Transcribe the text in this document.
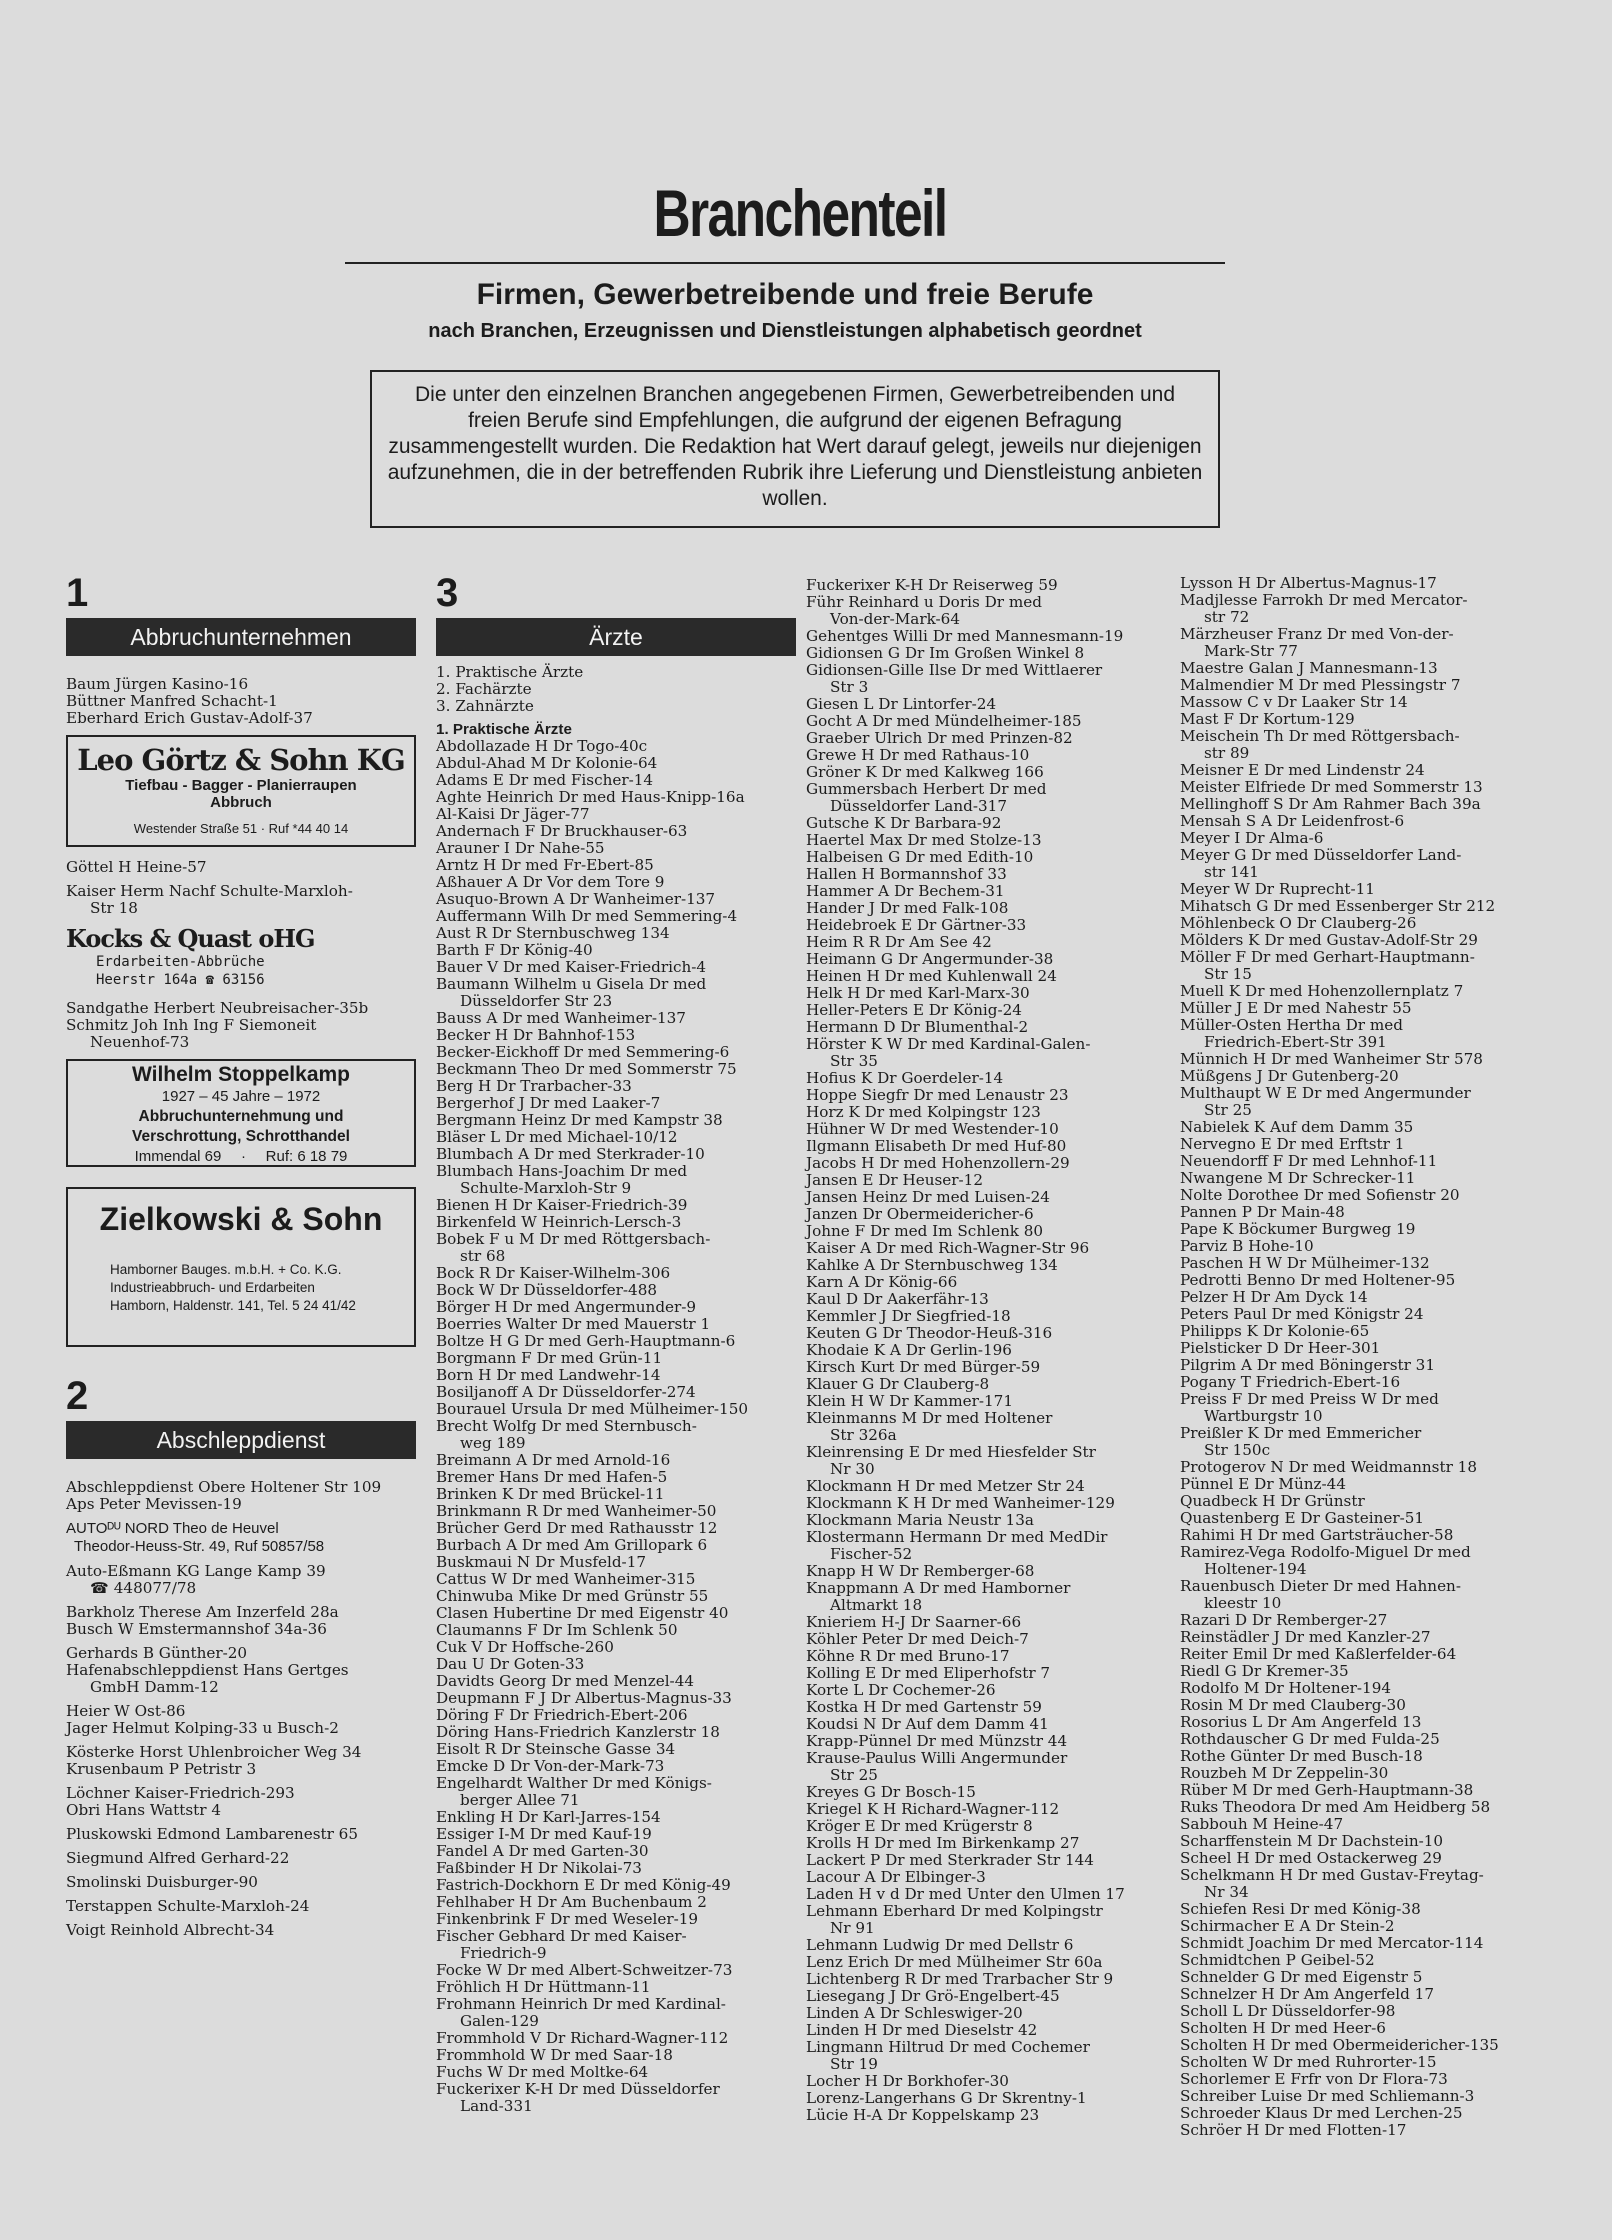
Branchenteil
Firmen, Gewerbetreibende und freie Berufe
nach Branchen, Erzeugnissen und Dienstleistungen alphabetisch geordnet
Die unter den einzelnen Branchen angegebenen Firmen, Gewerbetreibenden und freien Berufe sind Empfehlungen, die aufgrund der eigenen Befragung zusammengestellt wurden. Die Redaktion hat Wert darauf gelegt, jeweils nur diejenigen aufzunehmen, die in der betreffenden Rubrik ihre Lieferung und Dienstleistung anbieten wollen.
1
Abbruchunternehmen
Baum Jürgen Kasino-16
Büttner Manfred Schacht-1
Eberhard Erich Gustav-Adolf-37
Leo Görtz & Sohn KG
Tiefbau - Bagger - Planierraupen
Abbruch
Westender Straße 51 · Ruf *44 40 14
Göttel H Heine-57
Kaiser Herm Nachf Schulte-Marxloh-
Str 18
Kocks & Quast oHG
Erdarbeiten-Abbrüche
Heerstr 164a ☎ 63156
Sandgathe Herbert Neubreisacher-35b
Schmitz Joh Inh Ing F Siemoneit
Neuenhof-73
Wilhelm Stoppelkamp
1927 – 45 Jahre – 1972
Abbruchunternehmung und
Verschrottung, Schrotthandel
Immendal 69 · Ruf: 6 18 79
Zielkowski & Sohn
Hamborner Bauges. m.b.H. + Co. K.G.
Industrieabbruch- und Erdarbeiten
Hamborn, Haldenstr. 141, Tel. 5 24 41/42
2
Abschleppdienst
Abschleppdienst Obere Holtener Str 109
Aps Peter Mevissen-19
AUTOᴰᵁ NORD Theo de Heuvel
Theodor-Heuss-Str. 49, Ruf 50857/58
Auto-Eßmann KG Lange Kamp 39
☎ 448077/78
Barkholz Therese Am Inzerfeld 28a
Busch W Emstermannshof 34a-36
Gerhards B Günther-20
Hafenabschleppdienst Hans Gertges
GmbH Damm-12
Heier W Ost-86
Jager Helmut Kolping-33 u Busch-2
Kösterke Horst Uhlenbroicher Weg 34
Krusenbaum P Petristr 3
Löchner Kaiser-Friedrich-293
Obri Hans Wattstr 4
Pluskowski Edmond Lambarenestr 65
Siegmund Alfred Gerhard-22
Smolinski Duisburger-90
Terstappen Schulte-Marxloh-24
Voigt Reinhold Albrecht-34
3
Ärzte
1. Praktische Ärzte
2. Fachärzte
3. Zahnärzte
1. Praktische Ärzte
Abdollazade H Dr Togo-40c
Abdul-Ahad M Dr Kolonie-64
Adams E Dr med Fischer-14
Aghte Heinrich Dr med Haus-Knipp-16a
Al-Kaisi Dr Jäger-77
Andernach F Dr Bruckhauser-63
Arauner I Dr Nahe-55
Arntz H Dr med Fr-Ebert-85
Aßhauer A Dr Vor dem Tore 9
Asuquo-Brown A Dr Wanheimer-137
Auffermann Wilh Dr med Semmering-4
Aust R Dr Sternbuschweg 134
Barth F Dr König-40
Bauer V Dr med Kaiser-Friedrich-4
Baumann Wilhelm u Gisela Dr med
Düsseldorfer Str 23
Bauss A Dr med Wanheimer-137
Becker H Dr Bahnhof-153
Becker-Eickhoff Dr med Semmering-6
Beckmann Theo Dr med Sommerstr 75
Berg H Dr Trarbacher-33
Bergerhof J Dr med Laaker-7
Bergmann Heinz Dr med Kampstr 38
Bläser L Dr med Michael-10/12
Blumbach A Dr med Sterkrader-10
Blumbach Hans-Joachim Dr med
Schulte-Marxloh-Str 9
Bienen H Dr Kaiser-Friedrich-39
Birkenfeld W Heinrich-Lersch-3
Bobek F u M Dr med Röttgersbach-
str 68
Bock R Dr Kaiser-Wilhelm-306
Bock W Dr Düsseldorfer-488
Börger H Dr med Angermunder-9
Boerries Walter Dr med Mauerstr 1
Boltze H G Dr med Gerh-Hauptmann-6
Borgmann F Dr med Grün-11
Born H Dr med Landwehr-14
Bosiljanoff A Dr Düsseldorfer-274
Bourauel Ursula Dr med Mülheimer-150
Brecht Wolfg Dr med Sternbusch-
weg 189
Breimann A Dr med Arnold-16
Bremer Hans Dr med Hafen-5
Brinken K Dr med Brückel-11
Brinkmann R Dr med Wanheimer-50
Brücher Gerd Dr med Rathausstr 12
Burbach A Dr med Am Grillopark 6
Buskmaui N Dr Musfeld-17
Cattus W Dr med Wanheimer-315
Chinwuba Mike Dr med Grünstr 55
Clasen Hubertine Dr med Eigenstr 40
Claumanns F Dr Im Schlenk 50
Cuk V Dr Hoffsche-260
Dau U Dr Goten-33
Davidts Georg Dr med Menzel-44
Deupmann F J Dr Albertus-Magnus-33
Döring F Dr Friedrich-Ebert-206
Döring Hans-Friedrich Kanzlerstr 18
Eisolt R Dr Steinsche Gasse 34
Emcke D Dr Von-der-Mark-73
Engelhardt Walther Dr med Königs-
berger Allee 71
Enkling H Dr Karl-Jarres-154
Essiger I-M Dr med Kauf-19
Fandel A Dr med Garten-30
Faßbinder H Dr Nikolai-73
Fastrich-Dockhorn E Dr med König-49
Fehlhaber H Dr Am Buchenbaum 2
Finkenbrink F Dr med Weseler-19
Fischer Gebhard Dr med Kaiser-
Friedrich-9
Focke W Dr med Albert-Schweitzer-73
Fröhlich H Dr Hüttmann-11
Frohmann Heinrich Dr med Kardinal-
Galen-129
Frommhold V Dr Richard-Wagner-112
Frommhold W Dr med Saar-18
Fuchs W Dr med Moltke-64
Fuckerixer K-H Dr med Düsseldorfer
Land-331
Fuckerixer K-H Dr Reiserweg 59
Führ Reinhard u Doris Dr med
Von-der-Mark-64
Gehentges Willi Dr med Mannesmann-19
Gidionsen G Dr Im Großen Winkel 8
Gidionsen-Gille Ilse Dr med Wittlaerer
Str 3
Giesen L Dr Lintorfer-24
Gocht A Dr med Mündelheimer-185
Graeber Ulrich Dr med Prinzen-82
Grewe H Dr med Rathaus-10
Gröner K Dr med Kalkweg 166
Gummersbach Herbert Dr med
Düsseldorfer Land-317
Gutsche K Dr Barbara-92
Haertel Max Dr med Stolze-13
Halbeisen G Dr med Edith-10
Hallen H Bormannshof 33
Hammer A Dr Bechem-31
Hander J Dr med Falk-108
Heidebroek E Dr Gärtner-33
Heim R R Dr Am See 42
Heimann G Dr Angermunder-38
Heinen H Dr med Kuhlenwall 24
Helk H Dr med Karl-Marx-30
Heller-Peters E Dr König-24
Hermann D Dr Blumenthal-2
Hörster K W Dr med Kardinal-Galen-
Str 35
Hofius K Dr Goerdeler-14
Hoppe Siegfr Dr med Lenaustr 23
Horz K Dr med Kolpingstr 123
Hühner W Dr med Westender-10
Ilgmann Elisabeth Dr med Huf-80
Jacobs H Dr med Hohenzollern-29
Jansen E Dr Heuser-12
Jansen Heinz Dr med Luisen-24
Janzen Dr Obermeidericher-6
Johne F Dr med Im Schlenk 80
Kaiser A Dr med Rich-Wagner-Str 96
Kahlke A Dr Sternbuschweg 134
Karn A Dr König-66
Kaul D Dr Aakerfähr-13
Kemmler J Dr Siegfried-18
Keuten G Dr Theodor-Heuß-316
Khodaie K A Dr Gerlin-196
Kirsch Kurt Dr med Bürger-59
Klauer G Dr Clauberg-8
Klein H W Dr Kammer-171
Kleinmanns M Dr med Holtener
Str 326a
Kleinrensing E Dr med Hiesfelder Str
Nr 30
Klockmann H Dr med Metzer Str 24
Klockmann K H Dr med Wanheimer-129
Klockmann Maria Neustr 13a
Klostermann Hermann Dr med MedDir
Fischer-52
Knapp H W Dr Remberger-68
Knappmann A Dr med Hamborner
Altmarkt 18
Knieriem H-J Dr Saarner-66
Köhler Peter Dr med Deich-7
Köhne R Dr med Bruno-17
Kolling E Dr med Eliperhofstr 7
Korte L Dr Cochemer-26
Kostka H Dr med Gartenstr 59
Koudsi N Dr Auf dem Damm 41
Krapp-Pünnel Dr med Münzstr 44
Krause-Paulus Willi Angermunder
Str 25
Kreyes G Dr Bosch-15
Kriegel K H Richard-Wagner-112
Kröger E Dr med Krügerstr 8
Krolls H Dr med Im Birkenkamp 27
Lackert P Dr med Sterkrader Str 144
Lacour A Dr Elbinger-3
Laden H v d Dr med Unter den Ulmen 17
Lehmann Eberhard Dr med Kolpingstr
Nr 91
Lehmann Ludwig Dr med Dellstr 6
Lenz Erich Dr med Mülheimer Str 60a
Lichtenberg R Dr med Trarbacher Str 9
Liesegang J Dr Grö-Engelbert-45
Linden A Dr Schleswiger-20
Linden H Dr med Dieselstr 42
Lingmann Hiltrud Dr med Cochemer
Str 19
Locher H Dr Borkhofer-30
Lorenz-Langerhans G Dr Skrentny-1
Lücie H-A Dr Koppelskamp 23
Lysson H Dr Albertus-Magnus-17
Madjlesse Farrokh Dr med Mercator-
str 72
Märzheuser Franz Dr med Von-der-
Mark-Str 77
Maestre Galan J Mannesmann-13
Malmendier M Dr med Plessingstr 7
Massow C v Dr Laaker Str 14
Mast F Dr Kortum-129
Meischein Th Dr med Röttgersbach-
str 89
Meisner E Dr med Lindenstr 24
Meister Elfriede Dr med Sommerstr 13
Mellinghoff S Dr Am Rahmer Bach 39a
Mensah S A Dr Leidenfrost-6
Meyer I Dr Alma-6
Meyer G Dr med Düsseldorfer Land-
str 141
Meyer W Dr Ruprecht-11
Mihatsch G Dr med Essenberger Str 212
Möhlenbeck O Dr Clauberg-26
Mölders K Dr med Gustav-Adolf-Str 29
Möller F Dr med Gerhart-Hauptmann-
Str 15
Muell K Dr med Hohenzollernplatz 7
Müller J E Dr med Nahestr 55
Müller-Osten Hertha Dr med
Friedrich-Ebert-Str 391
Münnich H Dr med Wanheimer Str 578
Müßgens J Dr Gutenberg-20
Multhaupt W E Dr med Angermunder
Str 25
Nabielek K Auf dem Damm 35
Nervegno E Dr med Erftstr 1
Neuendorff F Dr med Lehnhof-11
Nwangene M Dr Schrecker-11
Nolte Dorothee Dr med Sofienstr 20
Pannen P Dr Main-48
Pape K Böckumer Burgweg 19
Parviz B Hohe-10
Paschen H W Dr Mülheimer-132
Pedrotti Benno Dr med Holtener-95
Pelzer H Dr Am Dyck 14
Peters Paul Dr med Königstr 24
Philipps K Dr Kolonie-65
Pielsticker D Dr Heer-301
Pilgrim A Dr med Böningerstr 31
Pogany T Friedrich-Ebert-16
Preiss F Dr med Preiss W Dr med
Wartburgstr 10
Preißler K Dr med Emmericher
Str 150c
Protogerov N Dr med Weidmannstr 18
Pünnel E Dr Münz-44
Quadbeck H Dr Grünstr
Quastenberg E Dr Gasteiner-51
Rahimi H Dr med Gartsträucher-58
Ramirez-Vega Rodolfo-Miguel Dr med
Holtener-194
Rauenbusch Dieter Dr med Hahnen-
kleestr 10
Razari D Dr Remberger-27
Reinstädler J Dr med Kanzler-27
Reiter Emil Dr med Kaßlerfelder-64
Riedl G Dr Kremer-35
Rodolfo M Dr Holtener-194
Rosin M Dr med Clauberg-30
Rosorius L Dr Am Angerfeld 13
Rothdauscher G Dr med Fulda-25
Rothe Günter Dr med Busch-18
Rouzbeh M Dr Zeppelin-30
Rüber M Dr med Gerh-Hauptmann-38
Ruks Theodora Dr med Am Heidberg 58
Sabbouh M Heine-47
Scharffenstein M Dr Dachstein-10
Scheel H Dr med Ostackerweg 29
Schelkmann H Dr med Gustav-Freytag-
Nr 34
Schiefen Resi Dr med König-38
Schirmacher E A Dr Stein-2
Schmidt Joachim Dr med Mercator-114
Schmidtchen P Geibel-52
Schnelder G Dr med Eigenstr 5
Schnelzer H Dr Am Angerfeld 17
Scholl L Dr Düsseldorfer-98
Scholten H Dr med Heer-6
Scholten H Dr med Obermeidericher-135
Scholten W Dr med Ruhrorter-15
Schorlemer E Frfr von Dr Flora-73
Schreiber Luise Dr med Schliemann-3
Schroeder Klaus Dr med Lerchen-25
Schröer H Dr med Flotten-17
